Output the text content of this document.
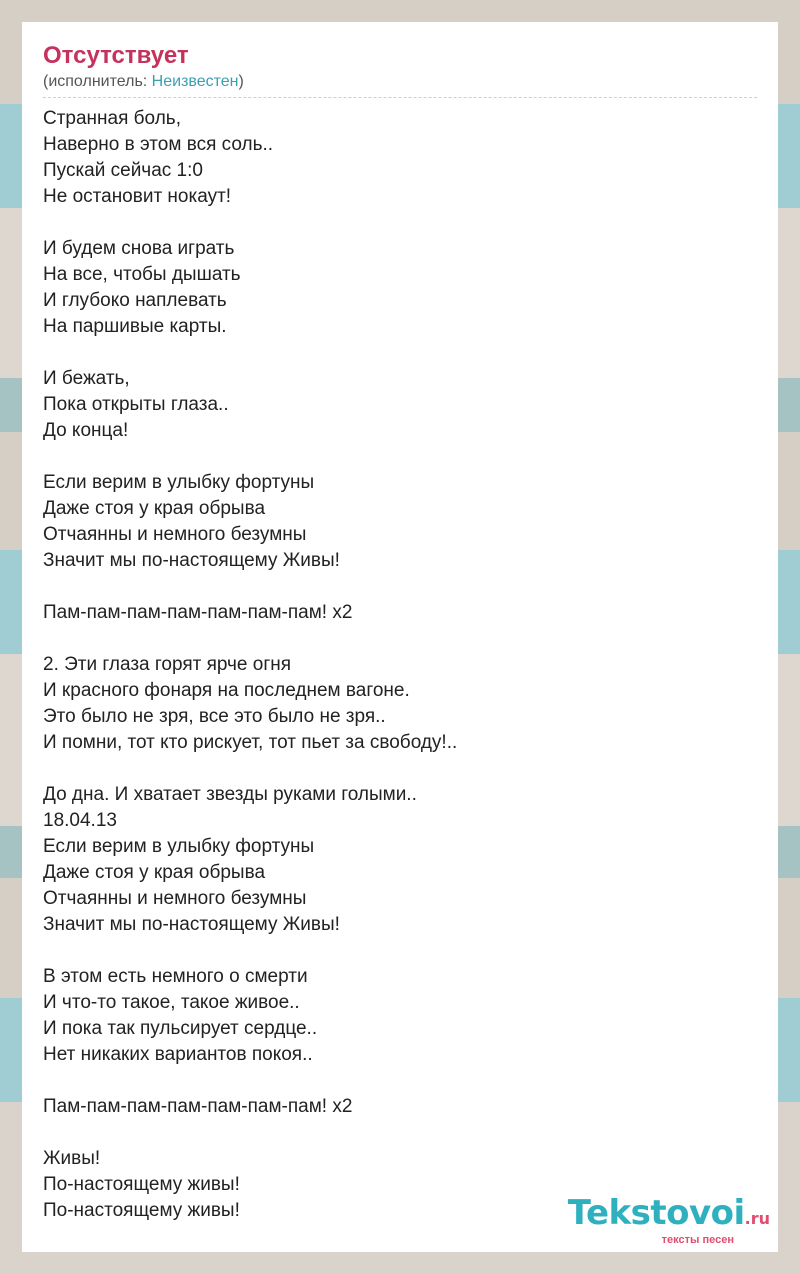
Отсутствует
(исполнитель: Неизвестен)
Странная боль,
Наверно в этом вся соль..
Пускай сейчас 1:0
Не остановит нокаут!
И будем снова играть
На все, чтобы дышать
И глубоко наплевать
На паршивые карты.
И бежать,
Пока открыты глаза..
До конца!
Если верим в улыбку фортуны
Даже стоя у края обрыва
Отчаянны и немного безумны
Значит мы по-настоящему Живы!
Пам-пам-пам-пам-пам-пам-пам! x2
2. Эти глаза горят ярче огня
И красного фонаря на последнем вагоне.
Это было не зря, все это было не зря..
И помни, тот кто рискует, тот пьет за свободу!..
До дна. И хватает звезды руками голыми..
18.04.13
Если верим в улыбку фортуны
Даже стоя у края обрыва
Отчаянны и немного безумны
Значит мы по-настоящему Живы!
В этом есть немного о смерти
И что-то такое, такое живое..
И пока так пульсирует сердце..
Нет никаких вариантов покоя..
Пам-пам-пам-пам-пам-пам-пам! x2
Живы!
По-настоящему живы!
По-настоящему живы!	Tekstovoi.ru
тексты песен
